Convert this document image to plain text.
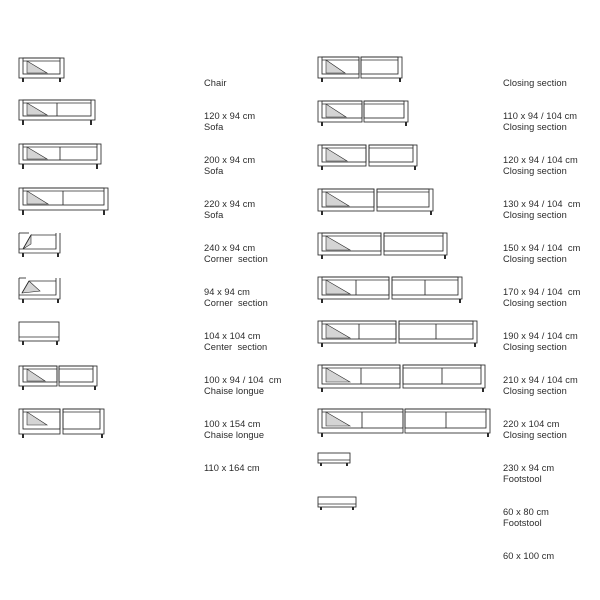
Chair

120 x 94 cm

Sofa

200 x 94 cm

Sofa

220 x 94 cm

Sofa

240 x 94 cm

Corner  section

94 x 94 cm

Corner  section

104 x 104 cm

Center  section

100 x 94 / 104  cm

Chaise longue

100 x 154 cm

Chaise longue

110 x 164 cm

Closing section

110 x 94 / 104 cm

Closing section

120 x 94 / 104 cm

Closing section

130 x 94 / 104  cm

Closing section

150 x 94 / 104  cm

Closing section

170 x 94 / 104  cm

Closing section

190 x 94 / 104 cm

Closing section

210 x 94 / 104 cm

Closing section

220 x 104 cm

Closing section

230 x 94 cm

Footstool

60 x 80 cm

Footstool

60 x 100 cm
